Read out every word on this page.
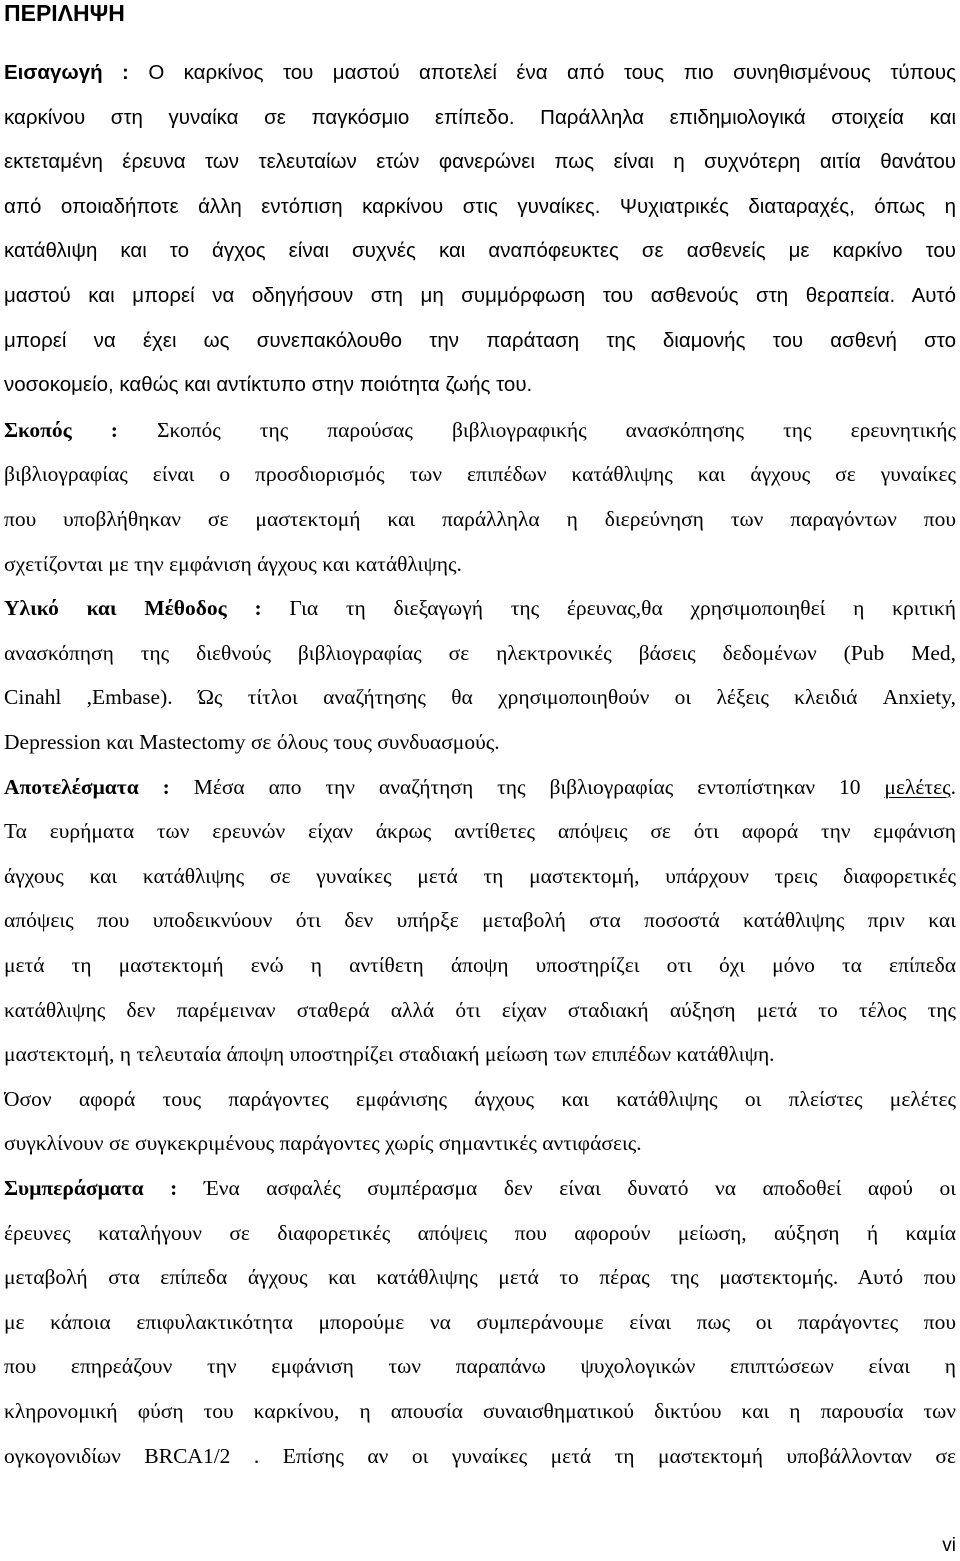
ΠΕΡΙΛΗΨΗ
Εισαγωγή : Ο καρκίνος του μαστού αποτελεί ένα από τους πιο συνηθισμένους τύπους
καρκίνου στη γυναίκα σε παγκόσμιο επίπεδο. Παράλληλα επιδημιολογικά στοιχεία και
εκτεταμένη έρευνα των τελευταίων ετών φανερώνει πως είναι η συχνότερη αιτία θανάτου
από οποιαδήποτε άλλη εντόπιση καρκίνου στις γυναίκες. Ψυχιατρικές διαταραχές, όπως η
κατάθλιψη και το άγχος είναι συχνές και αναπόφευκτες σε ασθενείς με καρκίνο του
μαστού και μπορεί να οδηγήσουν στη μη συμμόρφωση του ασθενούς στη θεραπεία. Αυτό
μπορεί να έχει ως συνεπακόλουθο την παράταση της διαμονής του ασθενή στο
νοσοκομείο, καθώς και αντίκτυπο στην ποιότητα ζωής του.
Σκοπός : Σκοπός της παρούσας βιβλιογραφικής ανασκόπησης της ερευνητικής
βιβλιογραφίας είναι ο προσδιορισμός των επιπέδων κατάθλιψης και άγχους σε γυναίκες
που υποβλήθηκαν σε μαστεκτομή και παράλληλα η διερεύνηση των παραγόντων που
σχετίζονται με την εμφάνιση άγχους και κατάθλιψης.
Υλικό και Μέθοδος : Για τη διεξαγωγή της έρευνας,θα χρησιμοποιηθεί η κριτική
ανασκόπηση της διεθνούς βιβλιογραφίας σε ηλεκτρονικές βάσεις δεδομένων (Pub Med,
Cinahl ,Embase). Ώς τίτλοι αναζήτησης θα χρησιμοποιηθούν οι λέξεις κλειδιά Anxiety,
Depression και Mastectomy σε όλους τους συνδυασμούς.
Αποτελέσματα : Μέσα απο την αναζήτηση της βιβλιογραφίας εντοπίστηκαν 10 μελέτες.
Τα ευρήματα των ερευνών είχαν άκρως αντίθετες απόψεις σε ότι αφορά την εμφάνιση
άγχους και κατάθλιψης σε γυναίκες μετά τη μαστεκτομή, υπάρχουν τρεις διαφορετικές
απόψεις που υποδεικνύουν ότι δεν υπήρξε μεταβολή στα ποσοστά κατάθλιψης πριν και
μετά τη μαστεκτομή ενώ η αντίθετη άποψη υποστηρίζει οτι όχι μόνο τα επίπεδα
κατάθλιψης δεν παρέμειναν σταθερά αλλά ότι είχαν σταδιακή αύξηση μετά το τέλος της
μαστεκτομή, η τελευταία άποψη υποστηρίζει σταδιακή μείωση των επιπέδων κατάθλιψη.
Όσον αφορά τους παράγοντες εμφάνισης άγχους και κατάθλιψης οι πλείστες μελέτες
συγκλίνουν σε συγκεκριμένους παράγοντες χωρίς σημαντικές αντιφάσεις.
Συμπεράσματα : Ένα ασφαλές συμπέρασμα δεν είναι δυνατό να αποδοθεί αφού οι
έρευνες καταλήγουν σε διαφορετικές απόψεις που αφορούν μείωση, αύξηση ή καμία
μεταβολή στα επίπεδα άγχους και κατάθλιψης μετά το πέρας της μαστεκτομής. Αυτό που
με κάποια επιφυλακτικότητα μπορούμε να συμπεράνουμε είναι πως οι παράγοντες που
που επηρεάζουν την εμφάνιση των παραπάνω ψυχολογικών επιπτώσεων είναι η
κληρονομική φύση του καρκίνου, η απουσία συναισθηματικού δικτύου και η παρουσία των
ογκογονιδίων BRCA1/2 . Επίσης αν οι γυναίκες μετά τη μαστεκτομή υποβάλλονταν σε
vi
